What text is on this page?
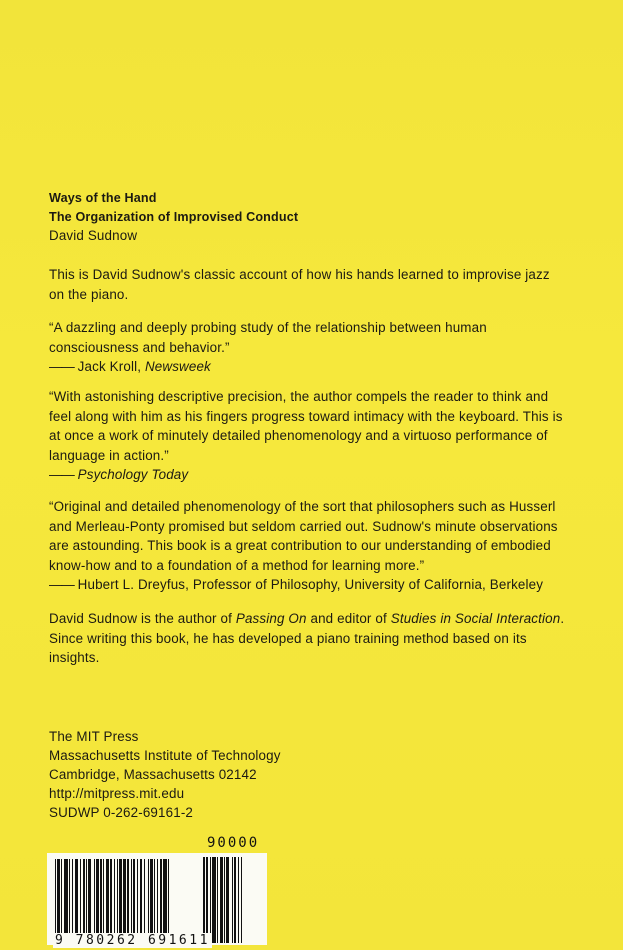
Ways of the Hand

The Organization of Improvised Conduct

David Sudnow

This is David Sudnow's classic account of how his hands learned to improvise jazz on the piano.

“A dazzling and deeply probing study of the relationship between human

consciousness and behavior.”

—— Jack Kroll, Newsweek

“With astonishing descriptive precision, the author compels the reader to think and

feel along with him as his fingers progress toward intimacy with the keyboard. This is

at once a work of minutely detailed phenomenology and a virtuoso performance of

language in action.”

—— Psychology Today

“Original and detailed phenomenology of the sort that philosophers such as Husserl

and Merleau-Ponty promised but seldom carried out. Sudnow's minute observations

are astounding. This book is a great contribution to our understanding of embodied

know-how and to a foundation of a method for learning more.”

—— Hubert L. Dreyfus, Professor of Philosophy, University of California, Berkeley

David Sudnow is the author of Passing On and editor of Studies in Social Interaction.

Since writing this book, he has developed a piano training method based on its

insights.

The MIT Press

Massachusetts Institute of Technology

Cambridge, Massachusetts 02142

http://mitpress.mit.edu

SUDWP 0-262-69161-2

90000
9 780262 691611
